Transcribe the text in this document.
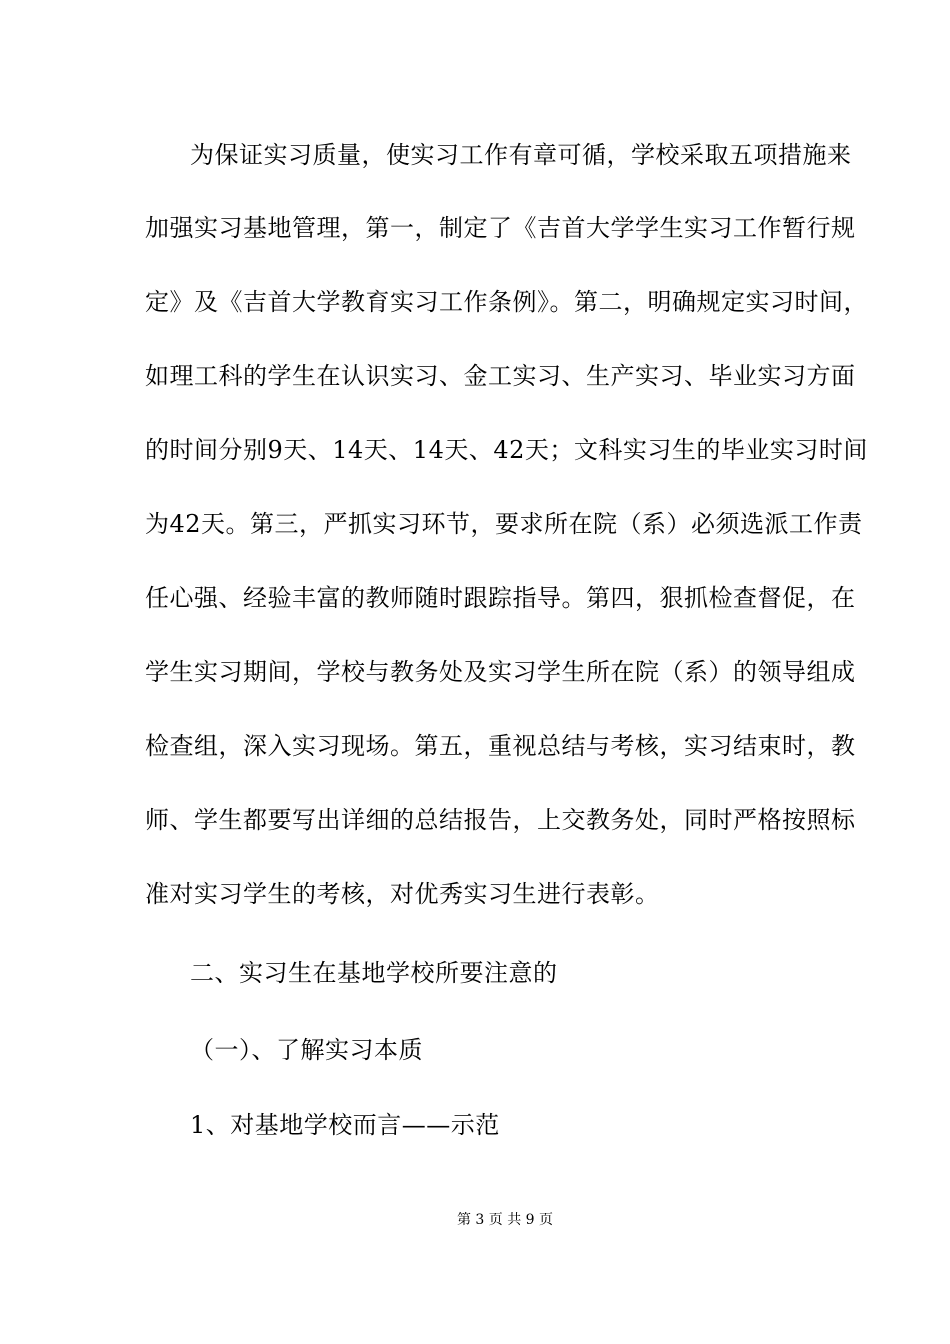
为保证实习质量，使实习工作有章可循，学校采取五项措施来
加强实习基地管理，第一，制定了《吉首大学学生实习工作暂行规
定》及《吉首大学教育实习工作条例》。第二，明确规定实习时间，
如理工科的学生在认识实习、金工实习、生产实习、毕业实习方面
的时间分别9天、14天、14天、42天；文科实习生的毕业实习时间
为42天。第三，严抓实习环节，要求所在院（系）必须选派工作责
任心强、经验丰富的教师随时跟踪指导。第四，狠抓检查督促，在
学生实习期间，学校与教务处及实习学生所在院（系）的领导组成
检查组，深入实习现场。第五，重视总结与考核，实习结束时，教
师、学生都要写出详细的总结报告，上交教务处，同时严格按照标
准对实习学生的考核，对优秀实习生进行表彰。
二、实习生在基地学校所要注意的
（一）、了解实习本质
1、对基地学校而言——示范
第 3 页 共 9 页
